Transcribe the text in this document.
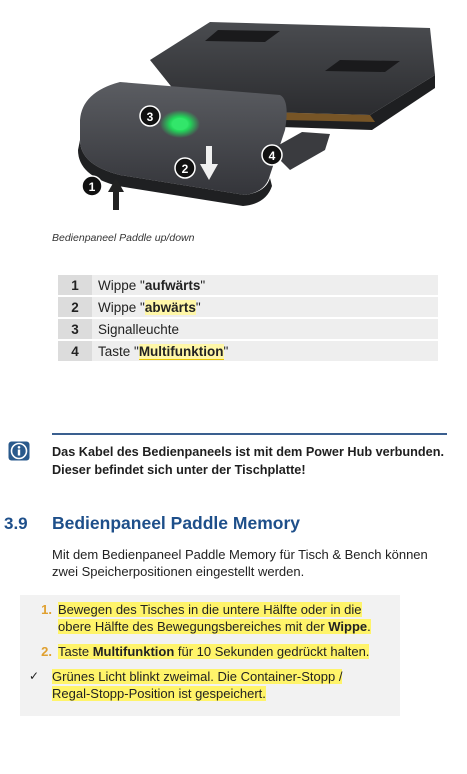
1
2
3
4
Bedienpaneel Paddle up/down
1	Wippe "aufwärts"
2	Wippe "abwärts"
3	Signalleuchte
4	Taste "Multifunktion"
Das Kabel des Bedienpaneels ist mit dem Power Hub verbunden. Dieser befindet sich unter der Tischplatte!
3.9 Bedienpaneel Paddle Memory
Mit dem Bedienpaneel Paddle Memory für Tisch & Bench können zwei Speicherpositionen eingestellt werden.
1. Bewegen des Tisches in die untere Hälfte oder in die obere Hälfte des Bewegungsbereiches mit der Wippe.
2. Taste Multifunktion für 10 Sekunden gedrückt halten.
✓ Grünes Licht blinkt zweimal. Die Container-Stopp / Regal-Stopp-Position ist gespeichert.
